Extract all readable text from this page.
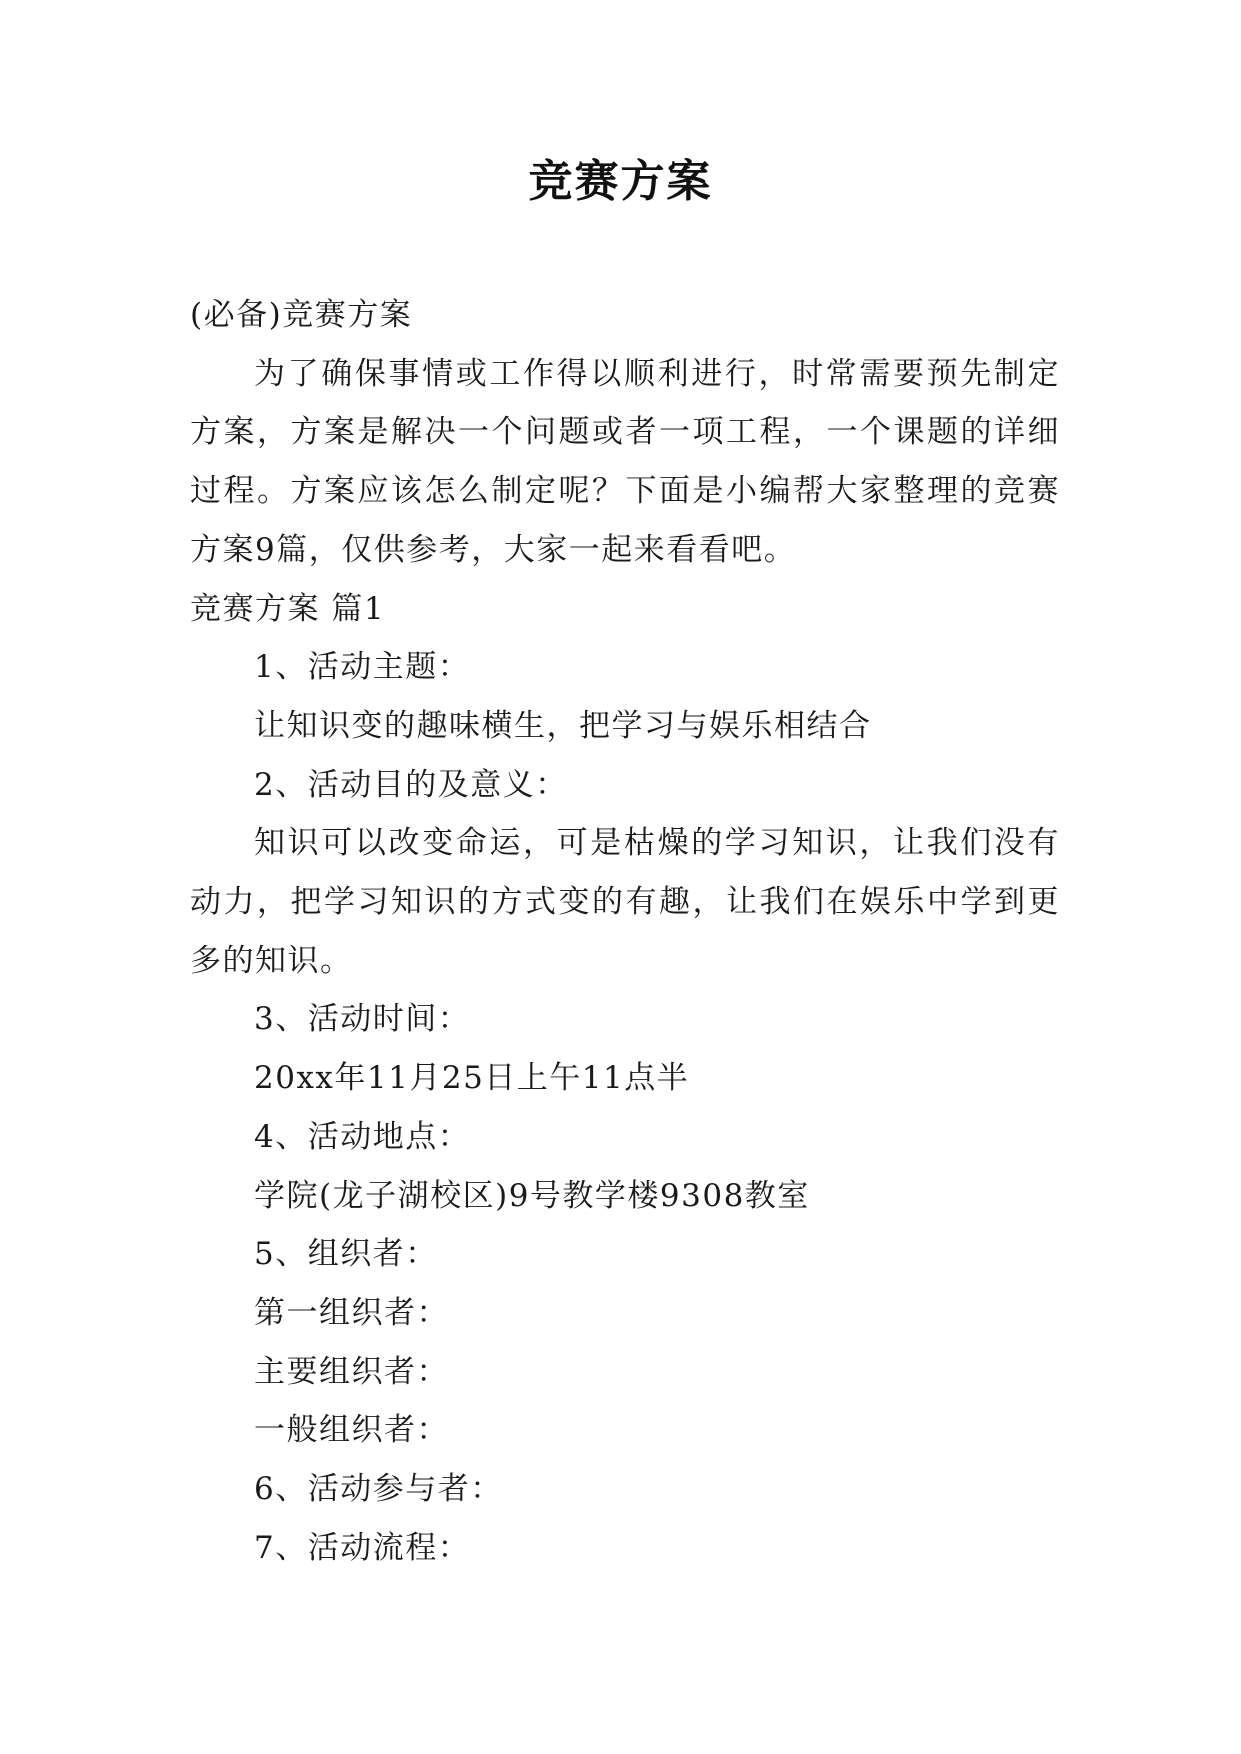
竞赛方案

(必备)竞赛方案

为了确保事情或工作得以顺利进行，时常需要预先制定方案，方案是解决一个问题或者一项工程，一个课题的详细过程。方案应该怎么制定呢？下面是小编帮大家整理的竞赛方案9篇，仅供参考，大家一起来看看吧。

竞赛方案 篇1

1、活动主题：

让知识变的趣味横生，把学习与娱乐相结合

2、活动目的及意义：

知识可以改变命运，可是枯燥的学习知识，让我们没有动力，把学习知识的方式变的有趣，让我们在娱乐中学到更多的知识。

3、活动时间：

20xx年11月25日上午11点半

4、活动地点：

学院(龙子湖校区)9号教学楼9308教室

5、组织者：

第一组织者：

主要组织者：

一般组织者：

6、活动参与者：

7、活动流程：
